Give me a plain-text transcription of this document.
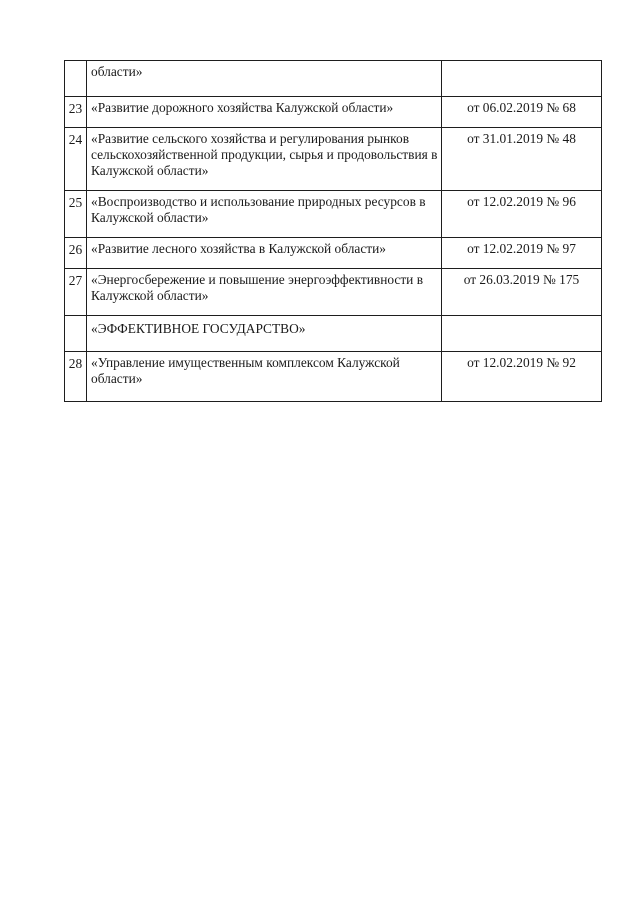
	области»	
23	«Развитие дорожного хозяйства Калужской области»	от 06.02.2019 № 68
24	«Развитие сельского хозяйства и регулирования рынков сельскохозяйственной продукции, сырья и продовольствия в Калужской области»	от 31.01.2019 № 48
25	«Воспроизводство и использование природных ресурсов в Калужской области»	от 12.02.2019 № 96
26	«Развитие лесного хозяйства в Калужской области»	от 12.02.2019 № 97
27	«Энергосбережение и повышение энергоэффективности в Калужской области»	от 26.03.2019 № 175
	«ЭФФЕКТИВНОЕ ГОСУДАРСТВО»	
28	«Управление имущественным комплексом Калужской области»	от 12.02.2019 № 92
